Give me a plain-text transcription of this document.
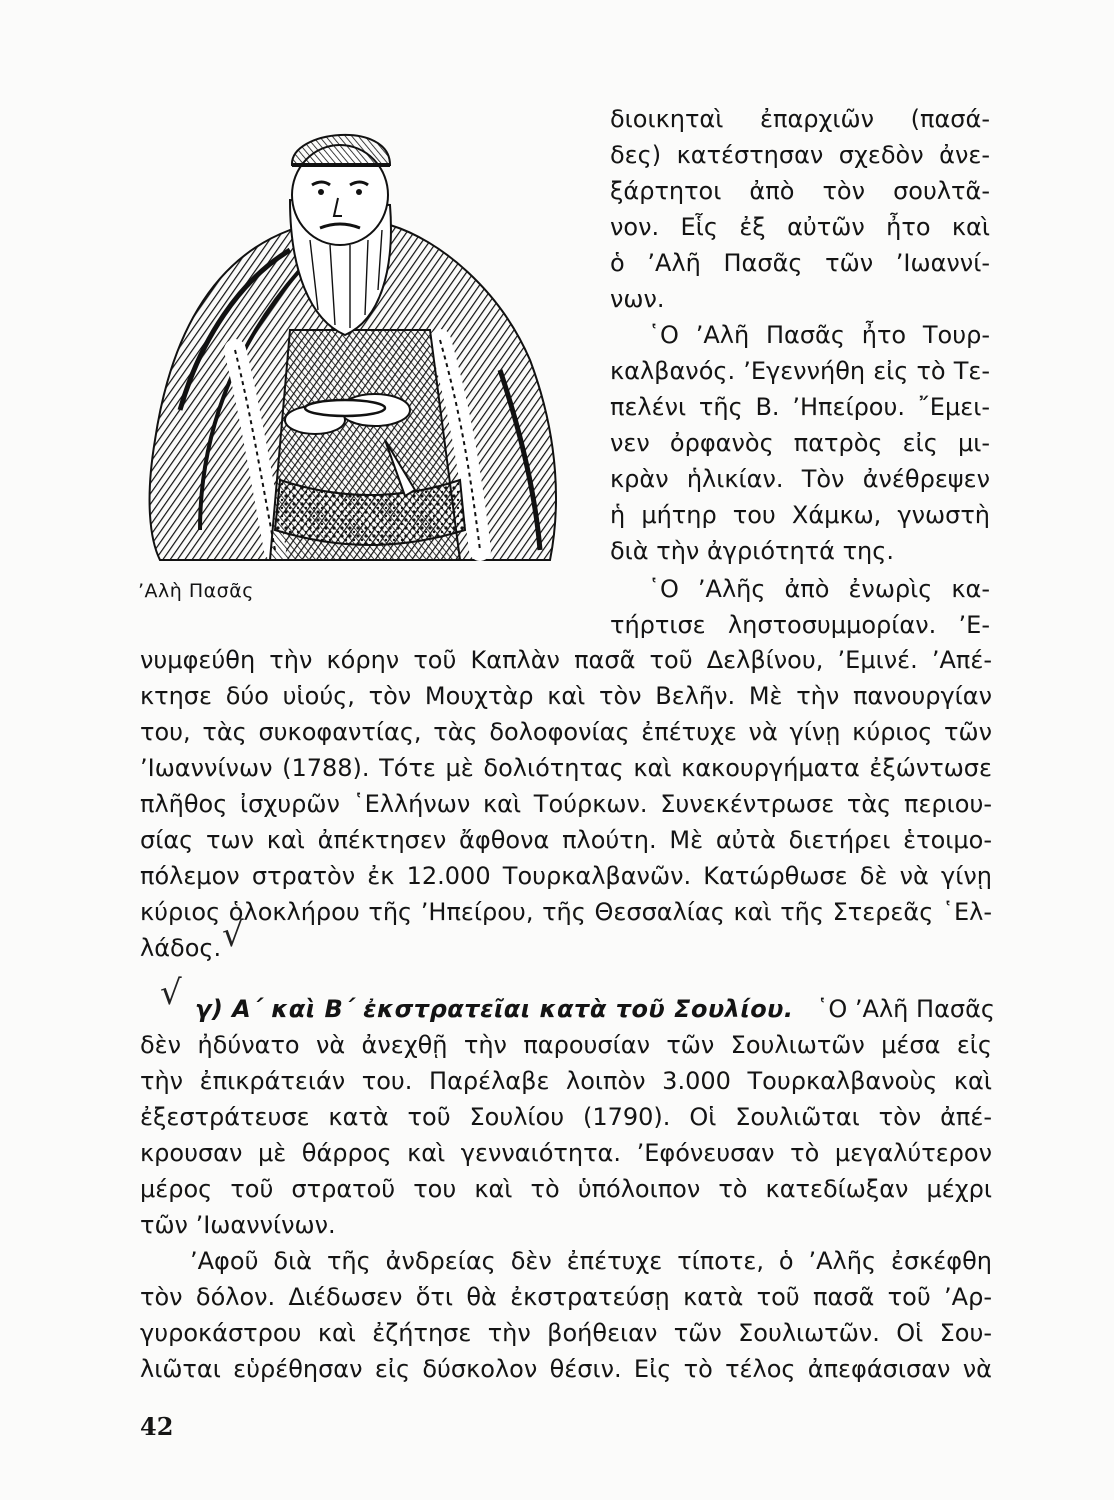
’Αλὴ Πασᾶς
διοικηταὶ ἐπαρχιῶν (πασά-
δες) κατέστησαν σχεδὸν ἀνε-
ξάρτητοι ἀπὸ τὸν σουλτᾶ-
νον. Εἷς ἐξ αὐτῶν ἦτο καὶ
ὁ ’Αλῆ Πασᾶς τῶν ’Ιωαννί-
νων.
῾Ο ’Αλῆ Πασᾶς ἦτο Τουρ-
καλβανός. ’Εγεννήθη εἰς τὸ Τε-
πελένι τῆς Β. ’Ηπείρου. ῎Εμει-
νεν ὀρφανὸς πατρὸς εἰς μι-
κρὰν ἡλικίαν. Τὸν ἀνέθρεψεν
ἡ μήτηρ του Χάμκω, γνωστὴ
διὰ τὴν ἀγριότητά της.
῾Ο ’Αλῆς ἀπὸ ἐνωρὶς κα-
τήρτισε ληστοσυμμορίαν. ’Ε-
νυμφεύθη τὴν κόρην τοῦ Καπλὰν πασᾶ τοῦ Δελβίνου, ’Εμινέ. ’Απέ-
κτησε δύο υἱούς, τὸν Μουχτὰρ καὶ τὸν Βελῆν. Μὲ τὴν πανουργίαν
του, τὰς συκοφαντίας, τὰς δολοφονίας ἐπέτυχε νὰ γίνῃ κύριος τῶν
’Ιωαννίνων (1788). Τότε μὲ δολιότητας καὶ κακουργήματα ἐξώντωσε
πλῆθος ἰσχυρῶν ῾Ελλήνων καὶ Τούρκων. Συνεκέντρωσε τὰς περιου-
σίας των καὶ ἀπέκτησεν ἄφθονα πλούτη. Μὲ αὐτὰ διετήρει ἑτοιμο-
πόλεμον στρατὸν ἐκ 12.000 Τουρκαλβανῶν. Κατώρθωσε δὲ νὰ γίνῃ
κύριος ὁλοκλήρου τῆς ’Ηπείρου, τῆς Θεσσαλίας καὶ τῆς Στερεᾶς ῾Ελ-
λάδος. √
√ γ) Α΄ καὶ Β΄ ἐκστρατεῖαι κατὰ τοῦ Σουλίου. ῾Ο ’Αλῆ Πασᾶς
δὲν ἠδύνατο νὰ ἀνεχθῇ τὴν παρουσίαν τῶν Σουλιωτῶν μέσα εἰς
τὴν ἐπικράτειάν του. Παρέλαβε λοιπὸν 3.000 Τουρκαλβανοὺς καὶ
ἐξεστράτευσε κατὰ τοῦ Σουλίου (1790). Οἱ Σουλιῶται τὸν ἀπέ-
κρουσαν μὲ θάρρος καὶ γενναιότητα. ’Εφόνευσαν τὸ μεγαλύτερον
μέρος τοῦ στρατοῦ του καὶ τὸ ὑπόλοιπον τὸ κατεδίωξαν μέχρι
τῶν ’Ιωαννίνων.
’Αφοῦ διὰ τῆς ἀνδρείας δὲν ἐπέτυχε τίποτε, ὁ ’Αλῆς ἐσκέφθη
τὸν δόλον. Διέδωσεν ὅτι θὰ ἐκστρατεύσῃ κατὰ τοῦ πασᾶ τοῦ ’Αρ-
γυροκάστρου καὶ ἐζήτησε τὴν βοήθειαν τῶν Σουλιωτῶν. Οἱ Σου-
λιῶται εὑρέθησαν εἰς δύσκολον θέσιν. Εἰς τὸ τέλος ἀπεφάσισαν νὰ
42
